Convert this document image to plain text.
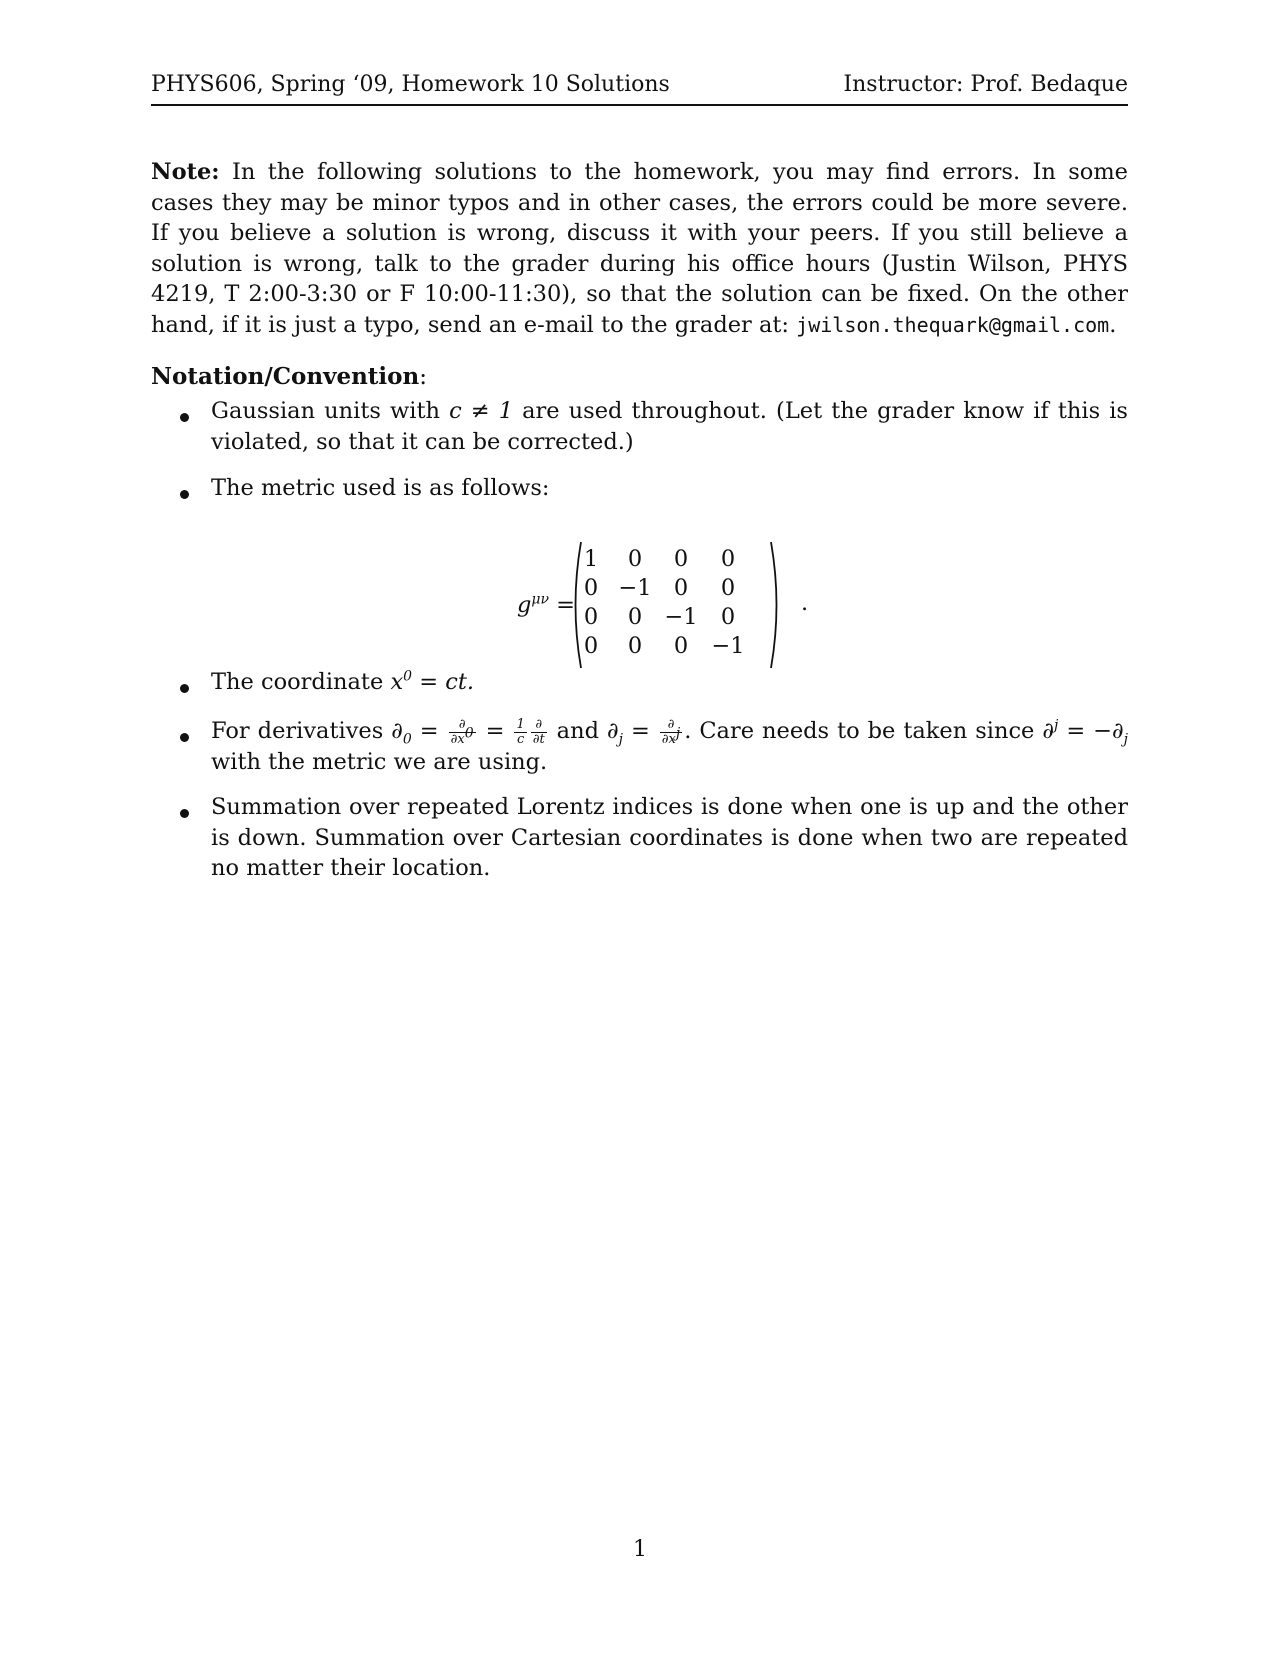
PHYS606, Spring ‘09, Homework 10 Solutions	Instructor: Prof. Bedaque
Note: In the following solutions to the homework, you may find errors. In some cases they may be minor typos and in other cases, the errors could be more severe. If you believe a solution is wrong, discuss it with your peers. If you still believe a solution is wrong, talk to the grader during his office hours (Justin Wilson, PHYS 4219, T 2:00-3:30 or F 10:00-11:30), so that the solution can be fixed. On the other hand, if it is just a typo, send an e-mail to the grader at: jwilson.thequark@gmail.com.
Notation/Convention:
Gaussian units with c ≠ 1 are used throughout. (Let the grader know if this is violated, so that it can be corrected.)
The metric used is as follows:
$g^{\mu\nu}$ =
1	0	0	0
0 −1 0	0
0	0 −1	0
0	0	0	−1
.
The coordinate $x^0$ = ct.
For derivatives $\partial_0 = \frac{\partial}{\partial x^0} = \frac{1}{c} \frac{\partial}{\partial t}$ and $\partial_j = \frac{\partial}{\partial x^j}$ . Care needs to be taken since $\partial^j = -\partial_j$ with the metric we are using.
Summation over repeated Lorentz indices is done when one is up and the other is down. Summation over Cartesian coordinates is done when two are repeated no matter their location.
1
